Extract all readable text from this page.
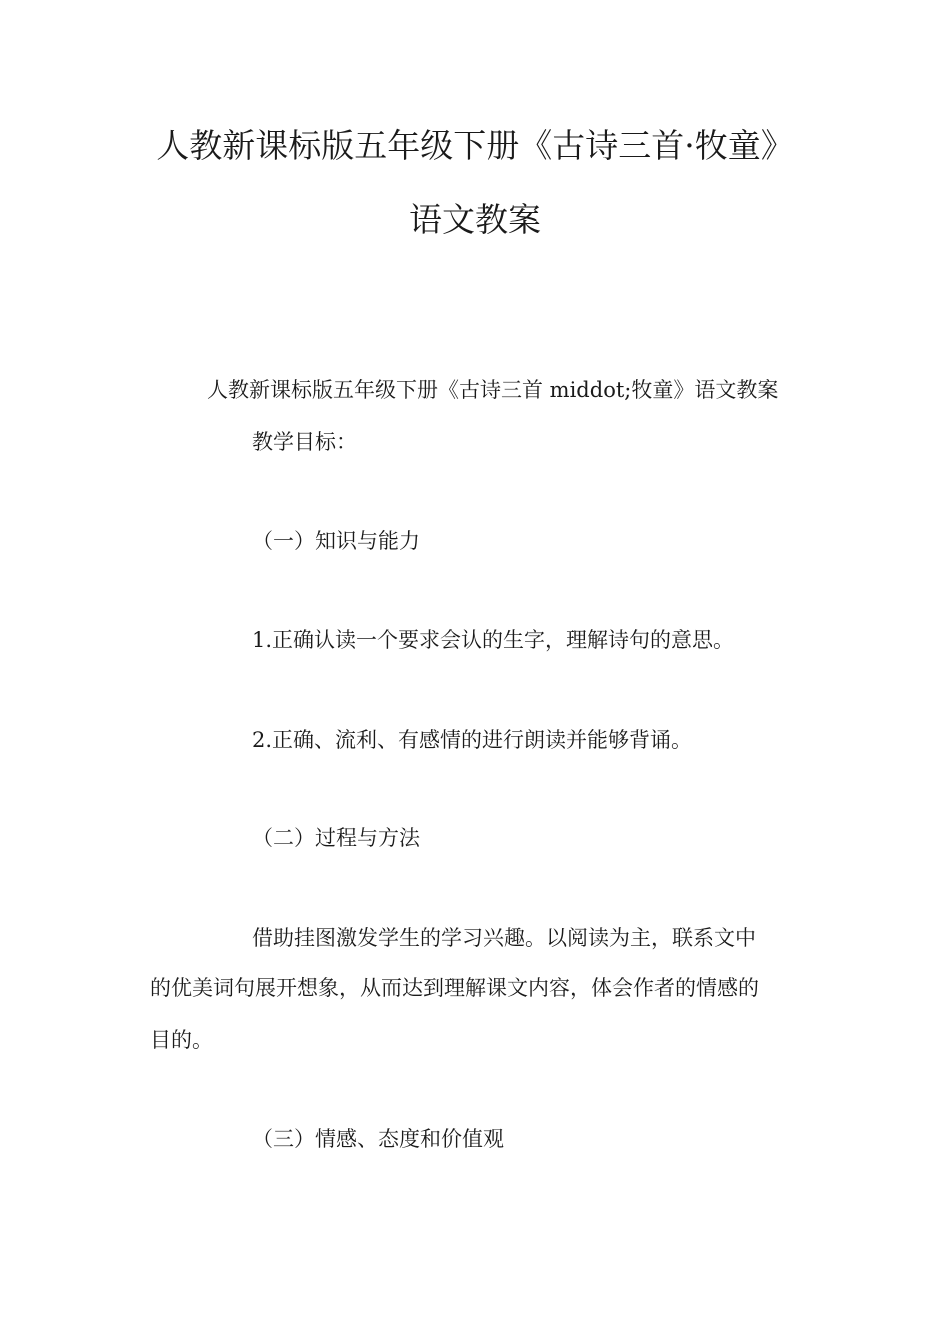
人教新课标版五年级下册《古诗三首·牧童》
语文教案
人教新课标版五年级下册《古诗三首 middot;牧童》语文教案
教学目标：
（一）知识与能力
1.正确认读一个要求会认的生字，理解诗句的意思。
2.正确、流利、有感情的进行朗读并能够背诵。
（二）过程与方法
借助挂图激发学生的学习兴趣。以阅读为主，联系文中
的优美词句展开想象，从而达到理解课文内容，体会作者的情感的
目的。
（三）情感、态度和价值观
